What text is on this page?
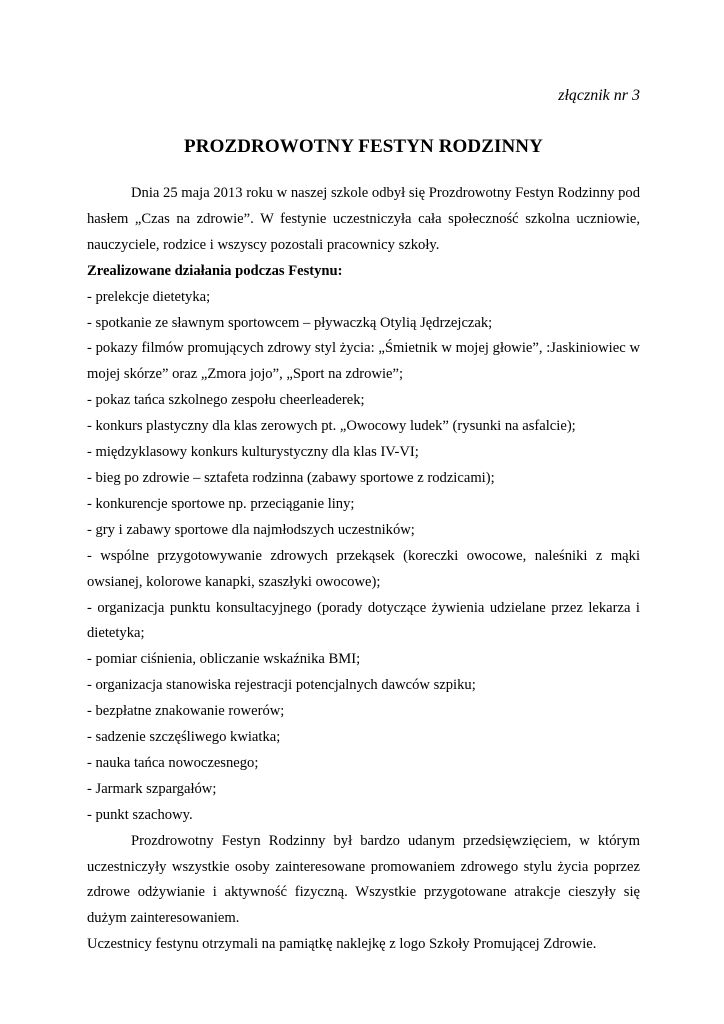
złącznik nr 3
PROZDROWOTNY FESTYN RODZINNY

Dnia 25 maja 2013 roku w naszej szkole odbył się Prozdrowotny Festyn Rodzinny pod hasłem „Czas na zdrowie”. W festynie uczestniczyła cała społeczność szkolna uczniowie, nauczyciele, rodzice i wszyscy pozostali pracownicy szkoły.

Zrealizowane działania podczas Festynu:

- prelekcje dietetyka;
- spotkanie ze sławnym sportowcem – pływaczką Otylią Jędrzejczak;
- pokazy filmów promujących zdrowy styl życia: „Śmietnik w mojej głowie”, :Jaskiniowiec w mojej skórze” oraz „Zmora jojo”, „Sport na zdrowie”;
- pokaz tańca szkolnego zespołu cheerleaderek;
- konkurs plastyczny dla klas zerowych pt. „Owocowy ludek” (rysunki na asfalcie);
- międzyklasowy konkurs kulturystyczny dla klas IV-VI;
- bieg po zdrowie – sztafeta rodzinna (zabawy sportowe z rodzicami);
- konkurencje sportowe np. przeciąganie liny;
- gry i zabawy sportowe dla najmłodszych uczestników;
- wspólne przygotowywanie zdrowych przekąsek (koreczki owocowe, naleśniki z mąki owsianej, kolorowe kanapki, szaszłyki owocowe);
- organizacja punktu konsultacyjnego (porady dotyczące żywienia udzielane przez lekarza i dietetyka;
- pomiar ciśnienia, obliczanie wskaźnika BMI;
- organizacja stanowiska rejestracji potencjalnych dawców szpiku;
- bezpłatne znakowanie rowerów;
- sadzenie szczęśliwego kwiatka;
- nauka tańca nowoczesnego;
- Jarmark szpargałów;
- punkt szachowy.

Prozdrowotny Festyn Rodzinny był bardzo udanym przedsięwzięciem, w którym uczestniczyły wszystkie osoby zainteresowane promowaniem zdrowego stylu życia poprzez zdrowe odżywianie i aktywność fizyczną. Wszystkie przygotowane atrakcje cieszyły się dużym zainteresowaniem.

Uczestnicy festynu otrzymali na pamiątkę naklejkę z logo Szkoły Promującej Zdrowie.
